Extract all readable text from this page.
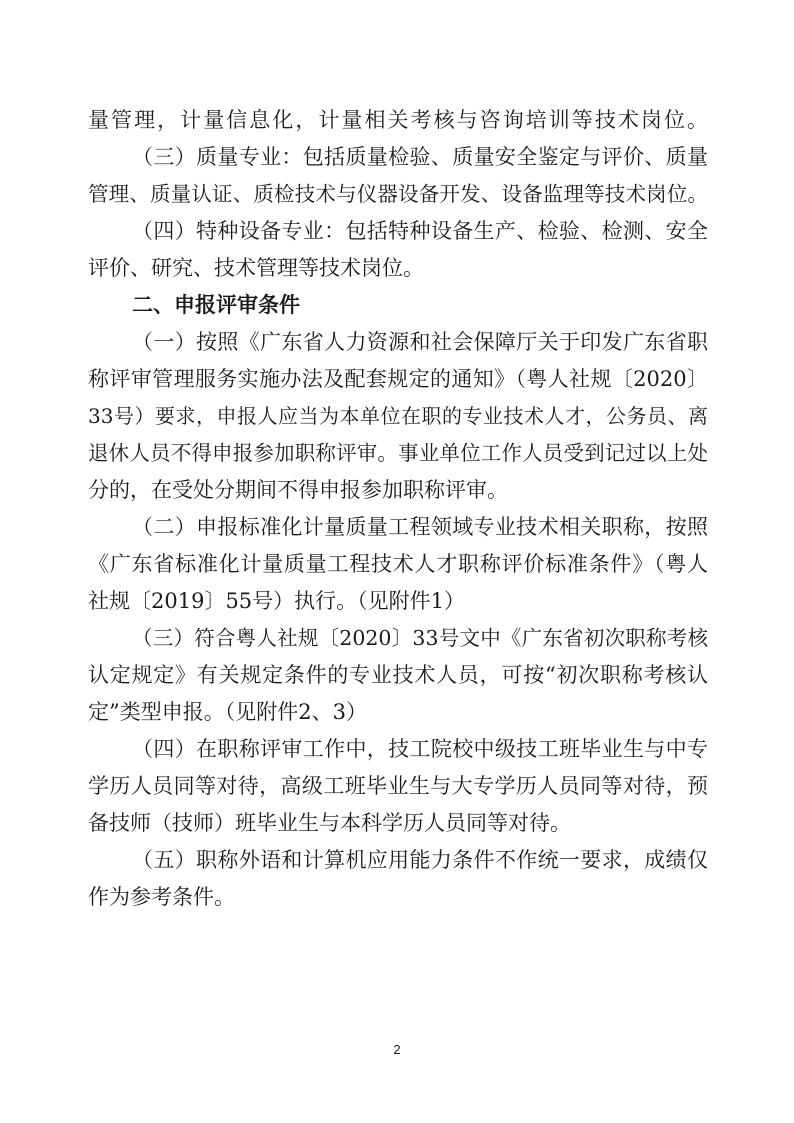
量管理，计量信息化，计量相关考核与咨询培训等技术岗位。
（三）质量专业：包括质量检验、质量安全鉴定与评价、质量
管理、质量认证、质检技术与仪器设备开发、设备监理等技术岗位。
（四）特种设备专业：包括特种设备生产、检验、检测、安全
评价、研究、技术管理等技术岗位。
二、申报评审条件
（一）按照《广东省人力资源和社会保障厅关于印发广东省职
称评审管理服务实施办法及配套规定的通知》（粤人社规〔2020〕
33号）要求，申报人应当为本单位在职的专业技术人才，公务员、离
退休人员不得申报参加职称评审。事业单位工作人员受到记过以上处
分的，在受处分期间不得申报参加职称评审。
（二）申报标准化计量质量工程领域专业技术相关职称，按照
《广东省标准化计量质量工程技术人才职称评价标准条件》（粤人
社规〔2019〕55号）执行。（见附件1）
（三）符合粤人社规〔2020〕33号文中《广东省初次职称考核
认定规定》有关规定条件的专业技术人员，可按“初次职称考核认
定”类型申报。（见附件2、3）
（四）在职称评审工作中，技工院校中级技工班毕业生与中专
学历人员同等对待，高级工班毕业生与大专学历人员同等对待，预
备技师（技师）班毕业生与本科学历人员同等对待。
（五）职称外语和计算机应用能力条件不作统一要求，成绩仅
作为参考条件。
2
